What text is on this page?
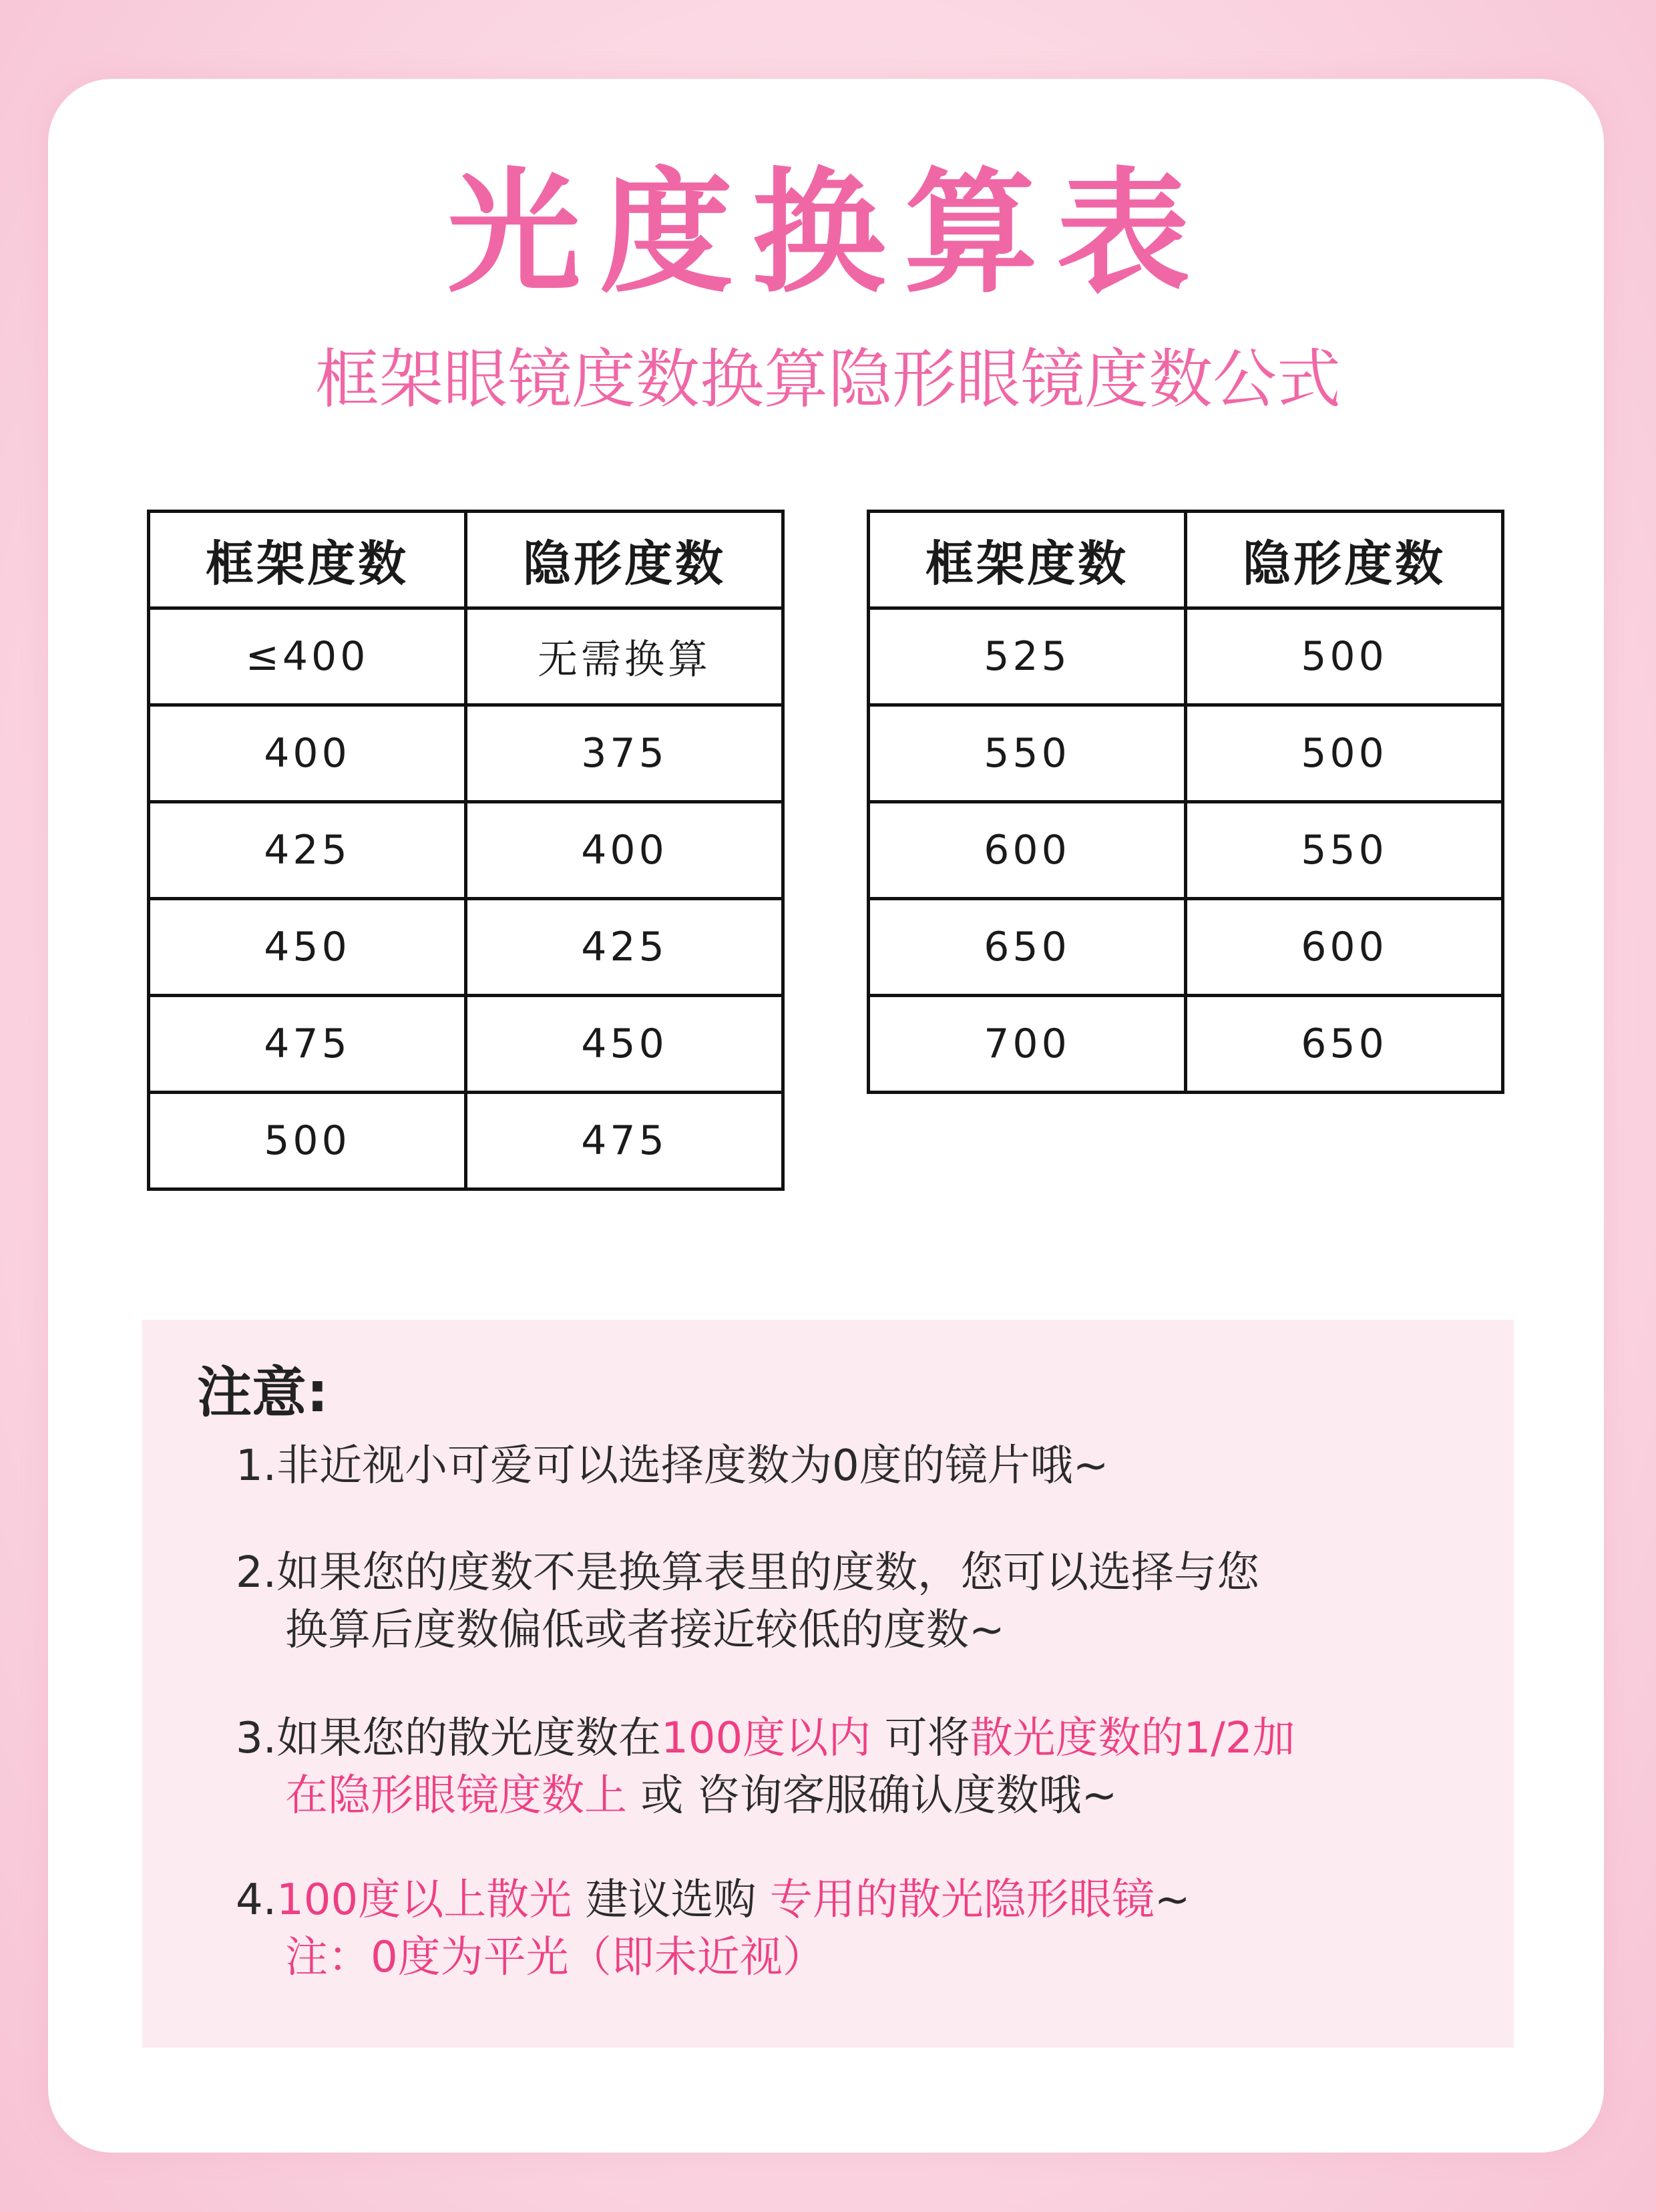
光度换算表

框架眼镜度数换算隐形眼镜度数公式

框架度数	隐形度数
≤400	无需换算
400	375
425	400
450	425
475	450
500	475
框架度数	隐形度数
525	500
550	500
600	550
650	600
700	650
注意:

1.非近视小可爱可以选择度数为0度的镜片哦~

2.如果您的度数不是换算表里的度数，您可以选择与您
换算后度数偏低或者接近较低的度数~

3.如果您的散光度数在100度以内 可将散光度数的1/2加
在隐形眼镜度数上 或 咨询客服确认度数哦~

4.100度以上散光 建议选购 专用的散光隐形眼镜~
注：0度为平光（即未近视）
